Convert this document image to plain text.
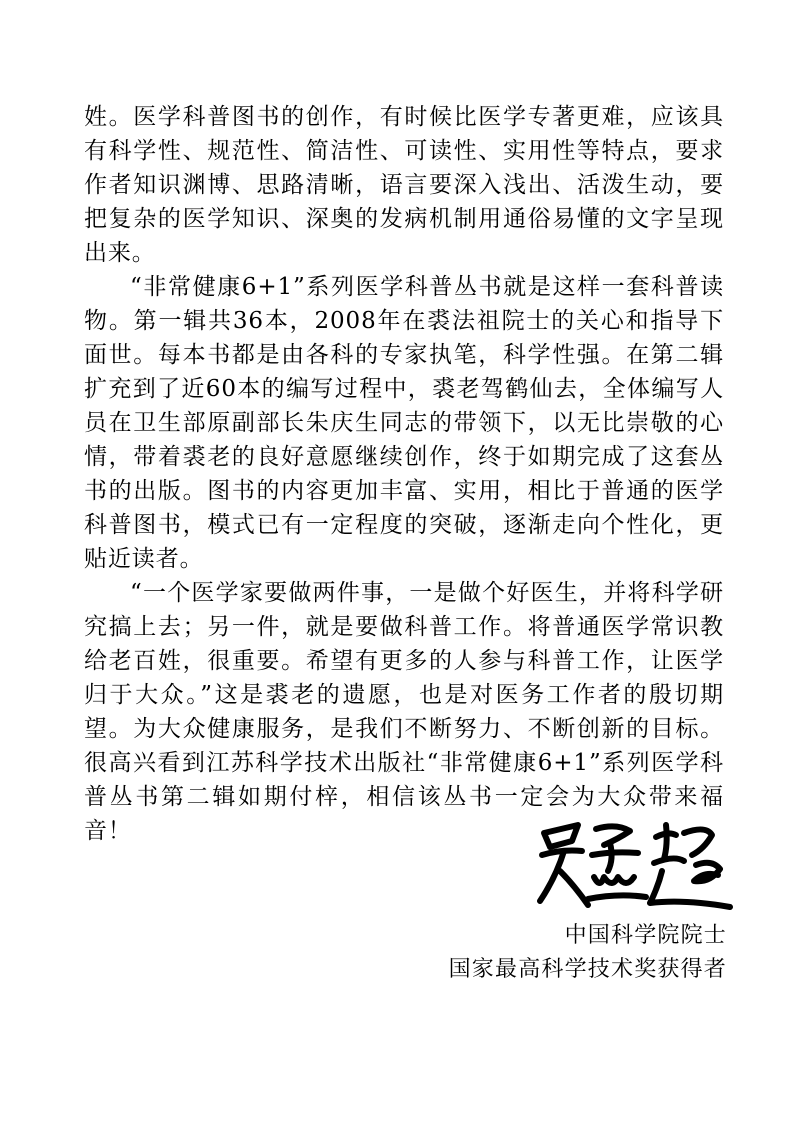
姓。医学科普图书的创作，有时候比医学专著更难，应该具有科学性、规范性、简洁性、可读性、实用性等特点，要求作者知识渊博、思路清晰，语言要深入浅出、活泼生动，要把复杂的医学知识、深奥的发病机制用通俗易懂的文字呈现出来。

“非常健康6+1”系列医学科普丛书就是这样一套科普读物。第一辑共36本，2008年在裘法祖院士的关心和指导下面世。每本书都是由各科的专家执笔，科学性强。在第二辑扩充到了近60本的编写过程中，裘老驾鹤仙去，全体编写人员在卫生部原副部长朱庆生同志的带领下，以无比崇敬的心情，带着裘老的良好意愿继续创作，终于如期完成了这套丛书的出版。图书的内容更加丰富、实用，相比于普通的医学科普图书，模式已有一定程度的突破，逐渐走向个性化，更贴近读者。

“一个医学家要做两件事，一是做个好医生，并将科学研究搞上去；另一件，就是要做科普工作。将普通医学常识教给老百姓，很重要。希望有更多的人参与科普工作，让医学归于大众。”这是裘老的遗愿，也是对医务工作者的殷切期望。为大众健康服务，是我们不断努力、不断创新的目标。很高兴看到江苏科学技术出版社“非常健康6+1”系列医学科普丛书第二辑如期付梓，相信该丛书一定会为大众带来福音！

中国科学院院士
国家最高科学技术奖获得者
